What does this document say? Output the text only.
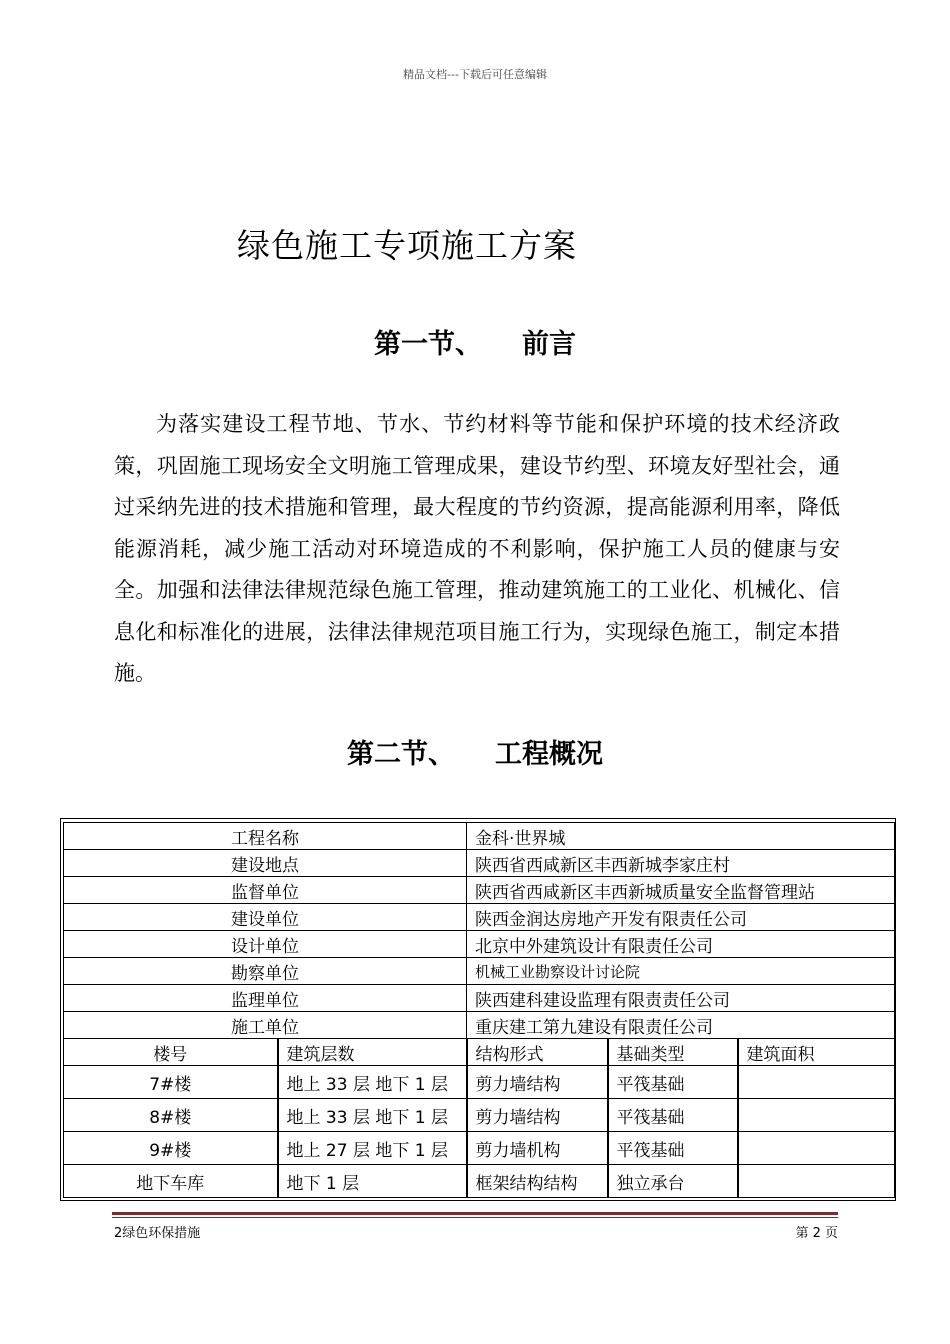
精品文档---下载后可任意编辑
绿色施工专项施工方案
第一节、 前言

为落实建设工程节地、节水、节约材料等节能和保护环境的技术经济政策，巩固施工现场安全文明施工管理成果，建设节约型、环境友好型社会，通过采纳先进的技术措施和管理，最大程度的节约资源，提高能源利用率，降低能源消耗，减少施工活动对环境造成的不利影响，保护施工人员的健康与安全。加强和法律法律规范绿色施工管理，推动建筑施工的工业化、机械化、信息化和标准化的进展，法律法律规范项目施工行为，实现绿色施工，制定本措施。

第二节、 工程概况
工程名称		金科·世界城		
建设地点		陕西省西咸新区丰西新城李家庄村		
监督单位		陕西省西咸新区丰西新城质量安全监督管理站		
建设单位		陕西金润达房地产开发有限责任公司		
设计单位		北京中外建筑设计有限责任公司		
勘察单位		机械工业勘察设计讨论院		
监理单位		陕西建科建设监理有限责责任公司		
施工单位		重庆建工第九建设有限责任公司		
楼号	建筑层数	结构形式	基础类型	建筑面积
7#楼	地上 33 层 地下 1 层	剪力墙结构	平筏基础	
8#楼	地上 33 层 地下 1 层	剪力墙结构	平筏基础	
9#楼	地上 27 层 地下 1 层	剪力墙机构	平筏基础	
地下车库	地下 1 层	框架结构结构	独立承台	
2绿色环保措施	第 2 页
